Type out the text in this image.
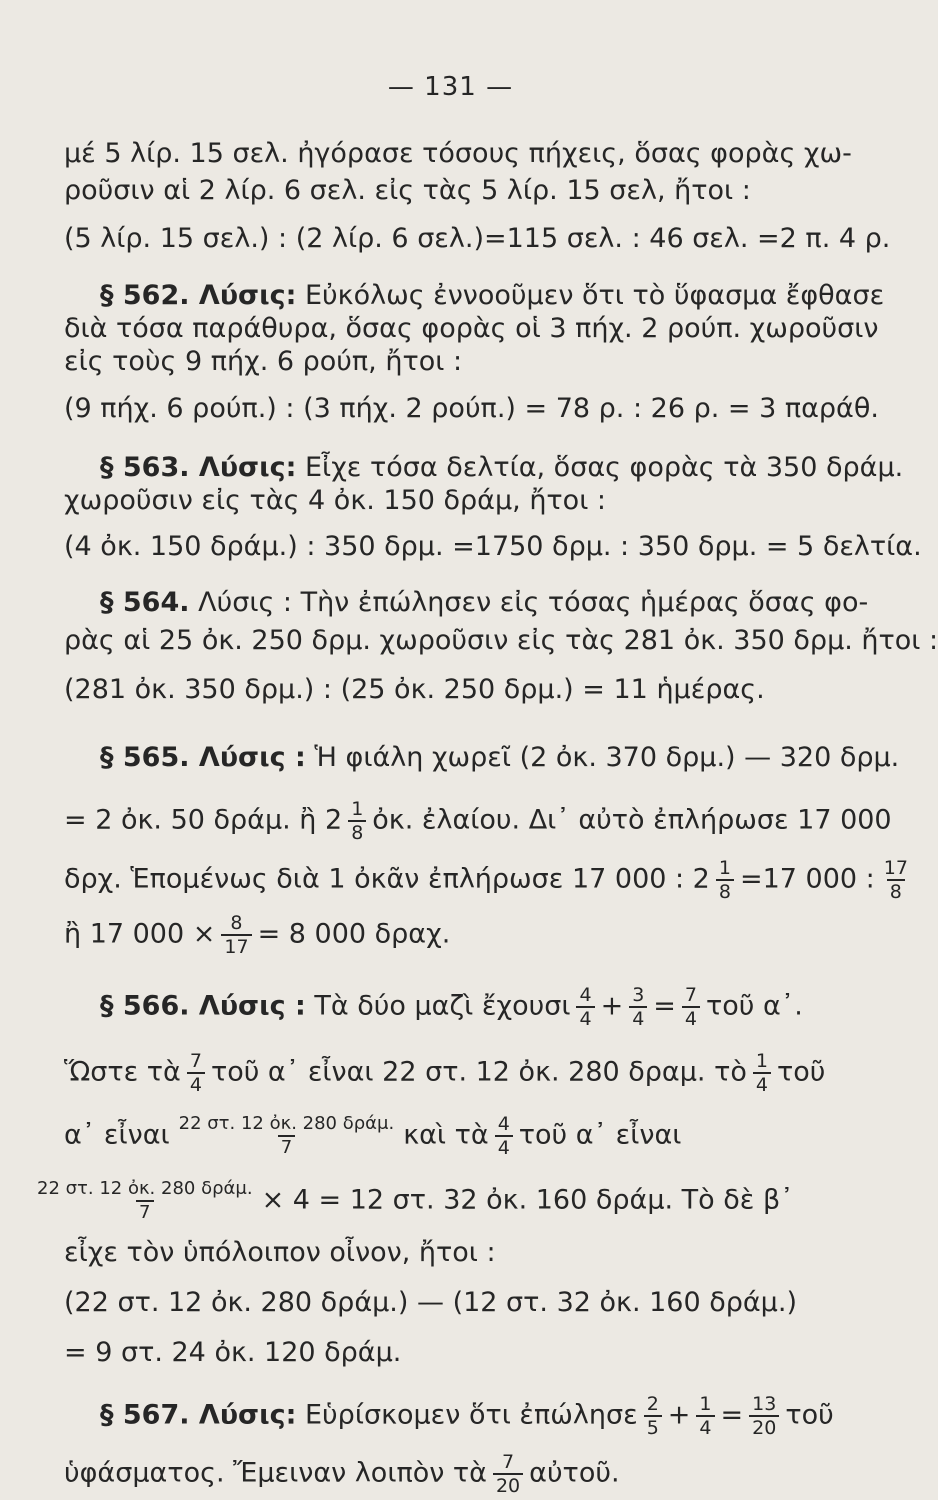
— 131 —
μέ 5 λίρ. 15 σελ. ἠγόρασε τόσους πήχεις, ὅσας φορὰς χω-
ροῦσιν αἱ 2 λίρ. 6 σελ. εἰς τὰς 5 λίρ. 15 σελ, ἤτοι :
(5 λίρ. 15 σελ.) : (2 λίρ. 6 σελ.)=115 σελ. : 46 σελ. =2 π. 4 ρ.
§ 562. Λύσις: Εὐκόλως ἐννοοῦμεν ὅτι τὸ ὕφασμα ἔφθασε
διὰ τόσα παράθυρα, ὅσας φορὰς οἱ 3 πήχ. 2 ρούπ. χωροῦσιν
εἰς τοὺς 9 πήχ. 6 ρούπ, ἤτοι :
(9 πήχ. 6 ρούπ.) : (3 πήχ. 2 ρούπ.) = 78 ρ. : 26 ρ. = 3 παράθ.
§ 563. Λύσις: Εἶχε τόσα δελτία, ὅσας φορὰς τὰ 350 δράμ.
χωροῦσιν εἰς τὰς 4 ὀκ. 150 δράμ, ἤτοι :
(4 ὀκ. 150 δράμ.) : 350 δρμ. =1750 δρμ. : 350 δρμ. = 5 δελτία.
§ 564. Λύσις : Τὴν ἐπώλησεν εἰς τόσας ἡμέρας ὅσας φο-
ρὰς αἱ 25 ὀκ. 250 δρμ. χωροῦσιν εἰς τὰς 281 ὀκ. 350 δρμ. ἤτοι :
(281 ὀκ. 350 δρμ.) : (25 ὀκ. 250 δρμ.) = 11 ἡμέρας.
§ 565. Λύσις : Ἡ φιάλη χωρεῖ (2 ὀκ. 370 δρμ.) — 320 δρμ.
= 2 ὀκ. 50 δράμ. ἢ $2 \frac{1}{8}$ ὀκ. ἐλαίου. Δι᾿ αὐτὸ ἐπλήρωσε 17 000
δρχ. Ἑπομένως διὰ 1 ὀκᾶν ἐπλήρωσε 17 000 : $2 \frac{1}{8} =17$ 000 : $\frac{17}{8}$
ἢ 17 $000 \times \frac{8}{17} = 8$ 000 δραχ.
§ 566. Λύσις : Τὰ δύο μαζὶ ἔχουσι $\frac{4}{4} + \frac{3}{4} = \frac{7}{4}$ τοῦ α᾿.
Ὥστε τὰ $\frac{7}{4}$ τοῦ α᾿ εἶναι 22 στ. 12 ὀκ. 280 δραμ. τὸ $\frac{1}{4}$ τοῦ
α᾿ εἶναι $\frac{\text{22 στ. 12 ὀκ. 280 δράμ.}}{7}$ καὶ τὰ $\frac{4}{4}$ τοῦ α᾿ εἶναι
$\frac{\text{22 στ. 12 ὀκ. 280 δράμ.}}{7} \times 4 = 12$ στ. 32 ὀκ. 160 δράμ. Τὸ δὲ β᾿
εἶχε τὸν ὑπόλοιπον οἶνον, ἤτοι :
(22 στ. 12 ὀκ. 280 δράμ.) — (12 στ. 32 ὀκ. 160 δράμ.)
= 9 στ. 24 ὀκ. 120 δράμ.
§ 567. Λύσις: Εὑρίσκομεν ὅτι ἐπώλησε $\frac{2}{5} + \frac{1}{4} = \frac{13}{20}$ τοῦ
ὑφάσματος. Ἔμειναν λοιπὸν τὰ $\frac{7}{20}$ αὐτοῦ.
